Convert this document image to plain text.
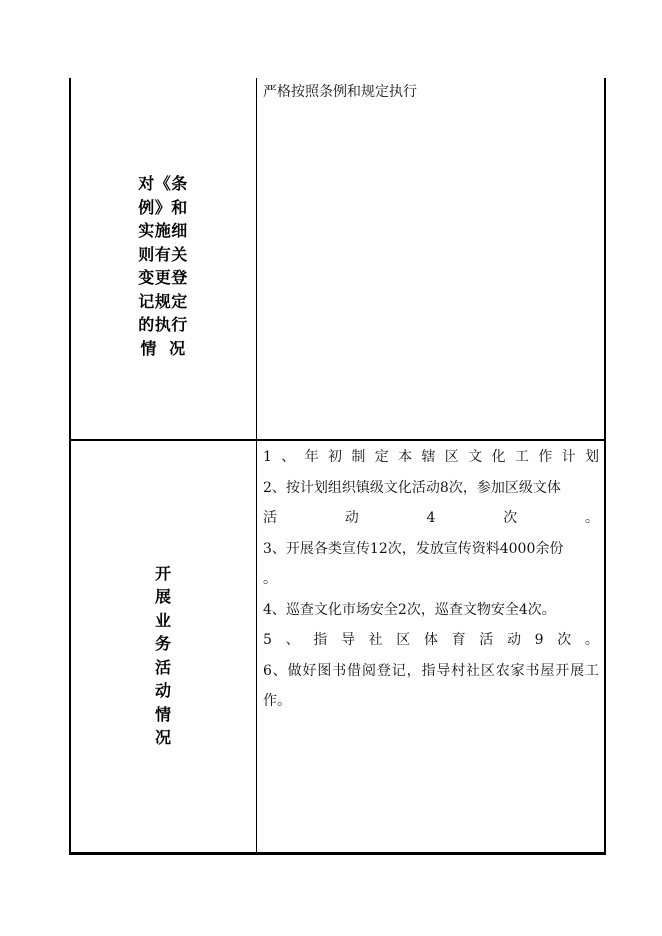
对《条
例》和
实施细
则有关
变更登
记规定
的执行
情  况
严格按照条例和规定执行
开
展
业
务
活
动
情
况
1 、 年 初 制 定 本 辖 区 文 化 工 作 计 划
2、按计划组织镇级文化活动8次，参加区级文体
活	动	4	次	。
3、开展各类宣传12次，发放宣传资料4000余份
。
4、巡查文化市场安全2次，巡查文物安全4次。
5 、 指 导 社 区 体 育 活 动 9 次 。
6、做好图书借阅登记，指导村社区农家书屋开展工作。
